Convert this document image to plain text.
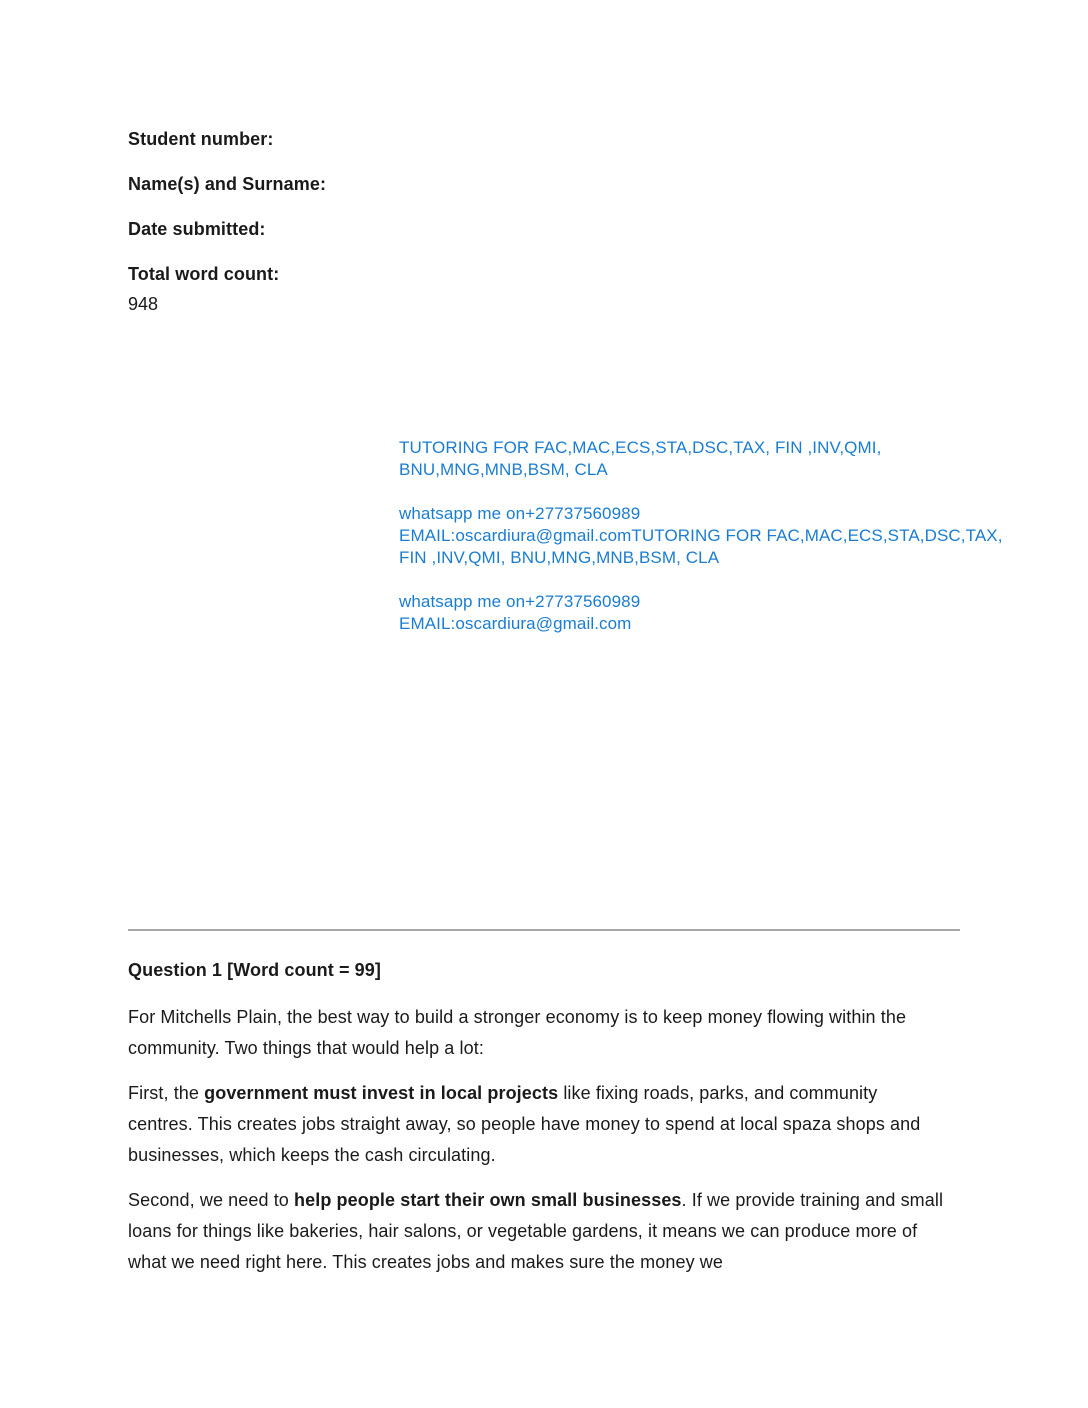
Student number:

Name(s) and Surname:

Date submitted:

Total word count:

948

TUTORING FOR FAC,MAC,ECS,STA,DSC,TAX, FIN ,INV,QMI,
BNU,MNG,MNB,BSM, CLA

whatsapp me on+27737560989
EMAIL:oscardiura@gmail.comTUTORING FOR FAC,MAC,ECS,STA,DSC,TAX,
FIN ,INV,QMI, BNU,MNG,MNB,BSM, CLA

whatsapp me on+27737560989
EMAIL:oscardiura@gmail.com

Question 1 [Word count = 99]

For Mitchells Plain, the best way to build a stronger economy is to keep money flowing within the community. Two things that would help a lot:

First, the government must invest in local projects like fixing roads, parks, and community centres. This creates jobs straight away, so people have money to spend at local spaza shops and businesses, which keeps the cash circulating.

Second, we need to help people start their own small businesses. If we provide training and small loans for things like bakeries, hair salons, or vegetable gardens, it means we can produce more of what we need right here. This creates jobs and makes sure the money we
